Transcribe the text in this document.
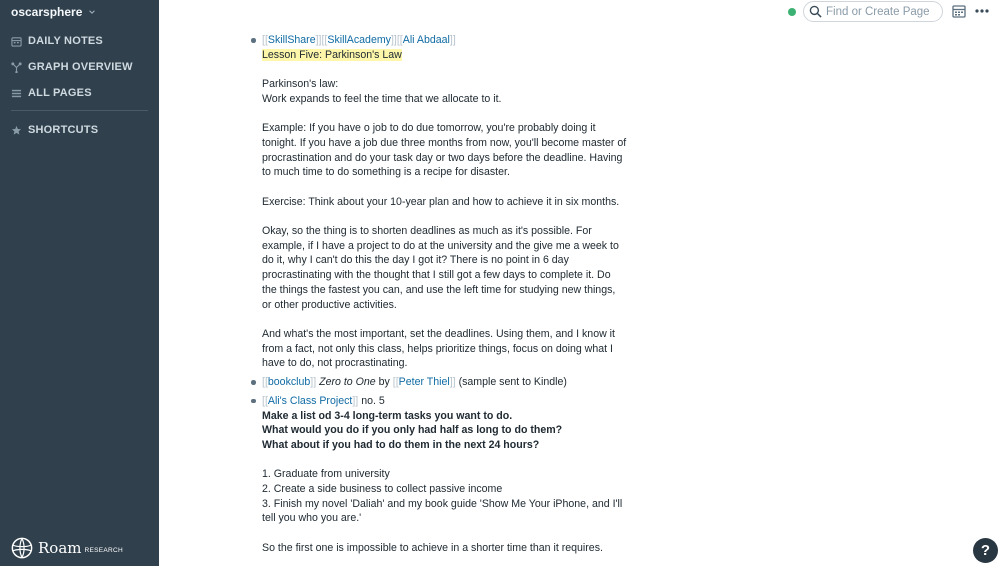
oscarsphere
DAILY NOTES
GRAPH OVERVIEW
ALL PAGES
SHORTCUTS
Roam RESEARCH
Find or Create Page
[[SkillShare]][[SkillAcademy]][[Ali Abdaal]]
Lesson Five: Parkinson's Law
Parkinson's law:
Work expands to feel the time that we allocate to it.
Example: If you have o job to do due tomorrow, you're probably doing it
tonight. If you have a job due three months from now, you'll become master of
procrastination and do your task day or two days before the deadline. Having
to much time to do something is a recipe for disaster.
Exercise: Think about your 10-year plan and how to achieve it in six months.
Okay, so the thing is to shorten deadlines as much as it's possible. For
example, if I have a project to do at the university and the give me a week to
do it, why I can't do this the day I got it? There is no point in 6 day
procrastinating with the thought that I still got a few days to complete it. Do
the things the fastest you can, and use the left time for studying new things,
or other productive activities.
And what's the most important, set the deadlines. Using them, and I know it
from a fact, not only this class, helps prioritize things, focus on doing what I
have to do, not procrastinating.
[[bookclub]] Zero to One by [[Peter Thiel]] (sample sent to Kindle)
[[Ali's Class Project]] no. 5
Make a list od 3-4 long-term tasks you want to do.
What would you do if you only had half as long to do them?
What about if you had to do them in the next 24 hours?
1. Graduate from university
2. Create a side business to collect passive income
3. Finish my novel 'Daliah' and my book guide 'Show Me Your iPhone, and I'll
tell you who you are.'
So the first one is impossible to achieve in a shorter time than it requires.	?
